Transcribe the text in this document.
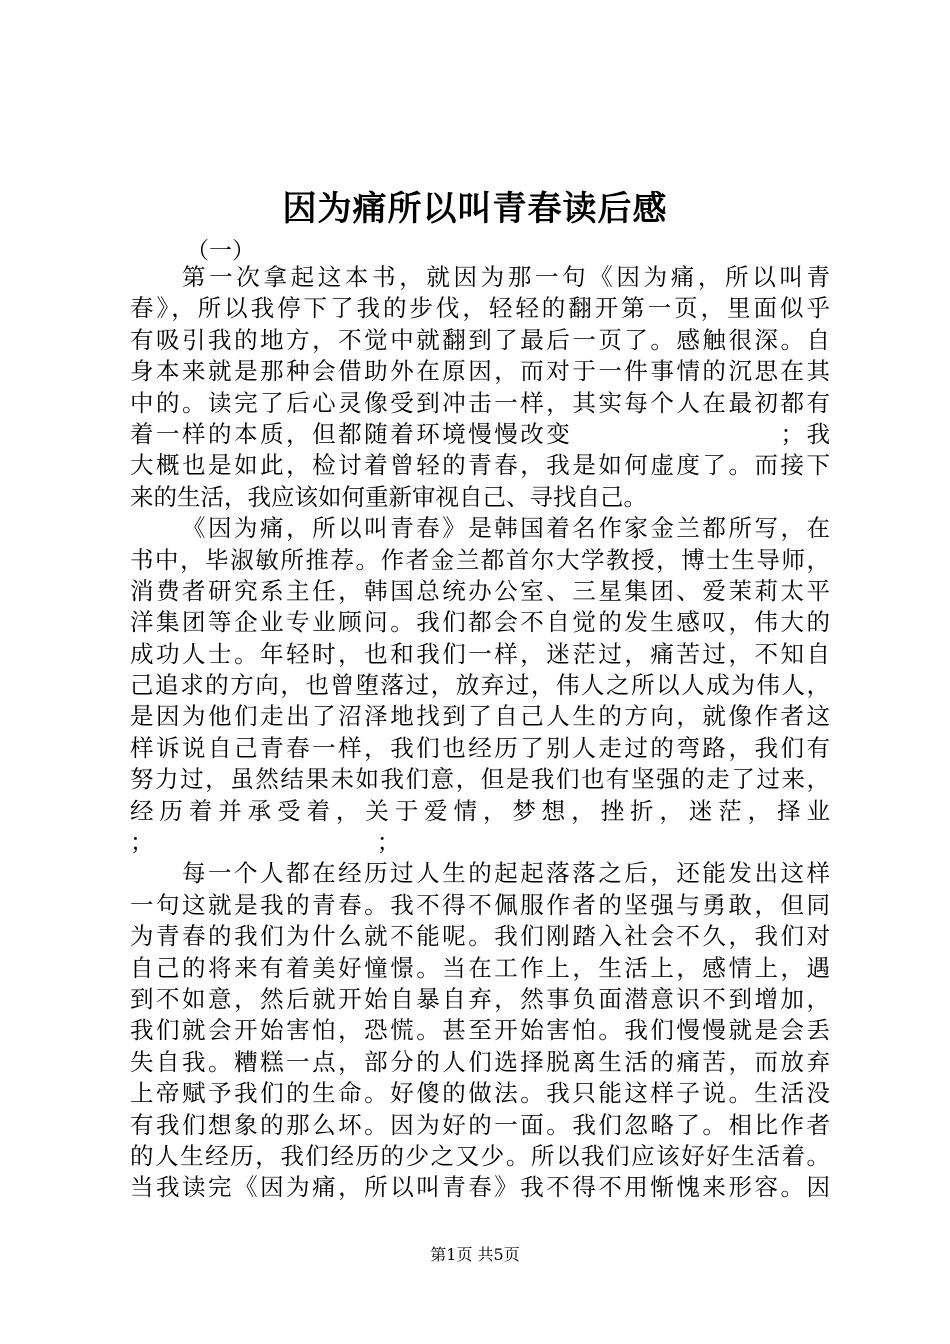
因为痛所以叫青春读后感
（一）
第一次拿起这本书，就因为那一句《因为痛，所以叫青
春》，所以我停下了我的步伐，轻轻的翻开第一页，里面似乎
有吸引我的地方，不觉中就翻到了最后一页了。感触很深。自
身本来就是那种会借助外在原因，而对于一件事情的沉思在其
中的。读完了后心灵像受到冲击一样，其实每个人在最初都有
着一样的本质，但都随着环境慢慢改变　　　　　　　　；我
大概也是如此，检讨着曾轻的青春，我是如何虚度了。而接下
来的生活，我应该如何重新审视自己、寻找自己。
《因为痛，所以叫青春》是韩国着名作家金兰都所写，在
书中，毕淑敏所推荐。作者金兰都首尔大学教授，博士生导师，
消费者研究系主任，韩国总统办公室、三星集团、爱茉莉太平
洋集团等企业专业顾问。我们都会不自觉的发生感叹，伟大的
成功人士。年轻时，也和我们一样，迷茫过，痛苦过，不知自
己追求的方向，也曾堕落过，放弃过，伟人之所以人成为伟人，
是因为他们走出了沼泽地找到了自己人生的方向，就像作者这
样诉说自己青春一样，我们也经历了别人走过的弯路，我们有
努力过，虽然结果未如我们意，但是我们也有坚强的走了过来，
经历着并承受着，关于爱情，梦想，挫折，迷茫，择业
；　　　　　　　　　　；
每一个人都在经历过人生的起起落落之后，还能发出这样
一句这就是我的青春。我不得不佩服作者的坚强与勇敢，但同
为青春的我们为什么就不能呢。我们刚踏入社会不久，我们对
自己的将来有着美好憧憬。当在工作上，生活上，感情上，遇
到不如意，然后就开始自暴自弃，然事负面潜意识不到增加，
我们就会开始害怕，恐慌。甚至开始害怕。我们慢慢就是会丢
失自我。糟糕一点，部分的人们选择脱离生活的痛苦，而放弃
上帝赋予我们的生命。好傻的做法。我只能这样子说。生活没
有我们想象的那么坏。因为好的一面。我们忽略了。相比作者
的人生经历，我们经历的少之又少。所以我们应该好好生活着。
当我读完《因为痛，所以叫青春》我不得不用惭愧来形容。因
第1页 共5页
